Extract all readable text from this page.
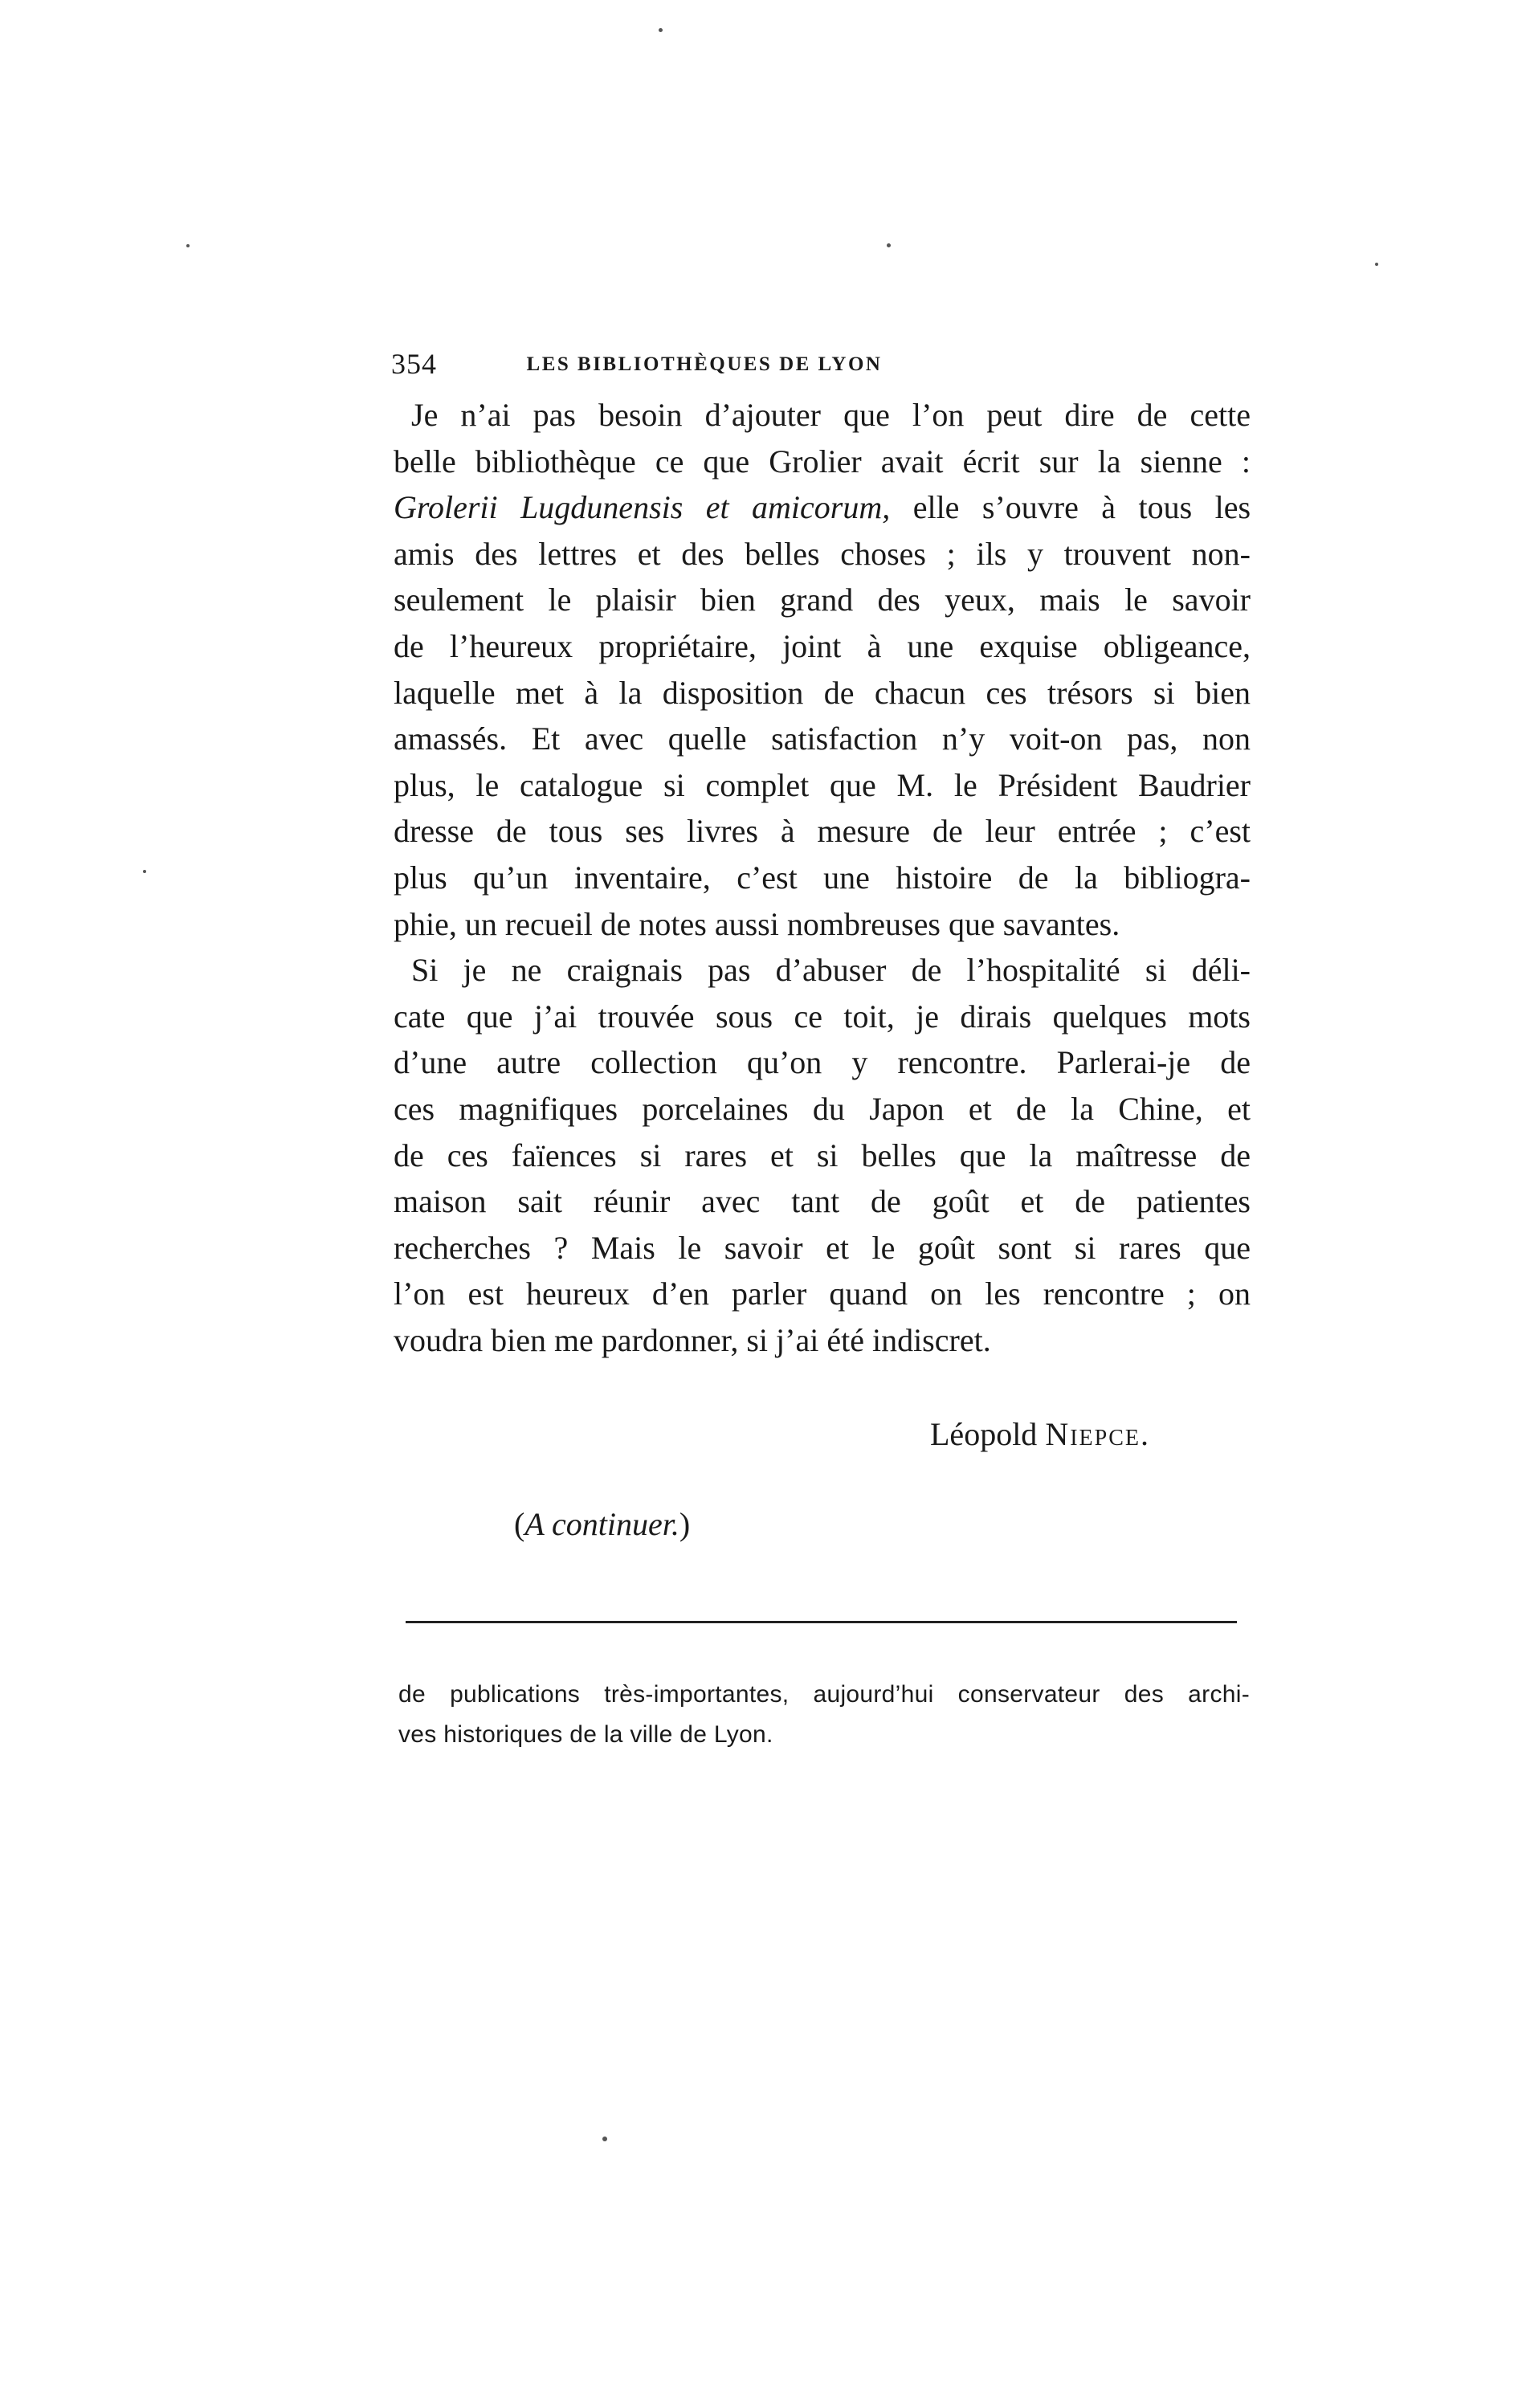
354	LES BIBLIOTHÈQUES DE LYON
Je n’ai pas besoin d’ajouter que l’on peut dire de cette
belle bibliothèque ce que Grolier avait écrit sur la sienne :
Grolerii Lugdunensis et amicorum, elle s’ouvre à tous les
amis des lettres et des belles choses ; ils y trouvent non-
seulement le plaisir bien grand des yeux, mais le savoir
de l’heureux propriétaire, joint à une exquise obligeance,
laquelle met à la disposition de chacun ces trésors si bien
amassés. Et avec quelle satisfaction n’y voit-on pas, non
plus, le catalogue si complet que M. le Président Baudrier
dresse de tous ses livres à mesure de leur entrée ; c’est
plus qu’un inventaire, c’est une histoire de la bibliogra-
phie, un recueil de notes aussi nombreuses que savantes.
Si je ne craignais pas d’abuser de l’hospitalité si déli-
cate que j’ai trouvée sous ce toit, je dirais quelques mots
d’une autre collection qu’on y rencontre. Parlerai-je de
ces magnifiques porcelaines du Japon et de la Chine, et
de ces faïences si rares et si belles que la maîtresse de
maison sait réunir avec tant de goût et de patientes
recherches ? Mais le savoir et le goût sont si rares que
l’on est heureux d’en parler quand on les rencontre ; on
voudra bien me pardonner, si j’ai été indiscret.
Léopold Niepce.
(A continuer.)
de publications très-importantes, aujourd’hui conservateur des archi-
ves historiques de la ville de Lyon.
